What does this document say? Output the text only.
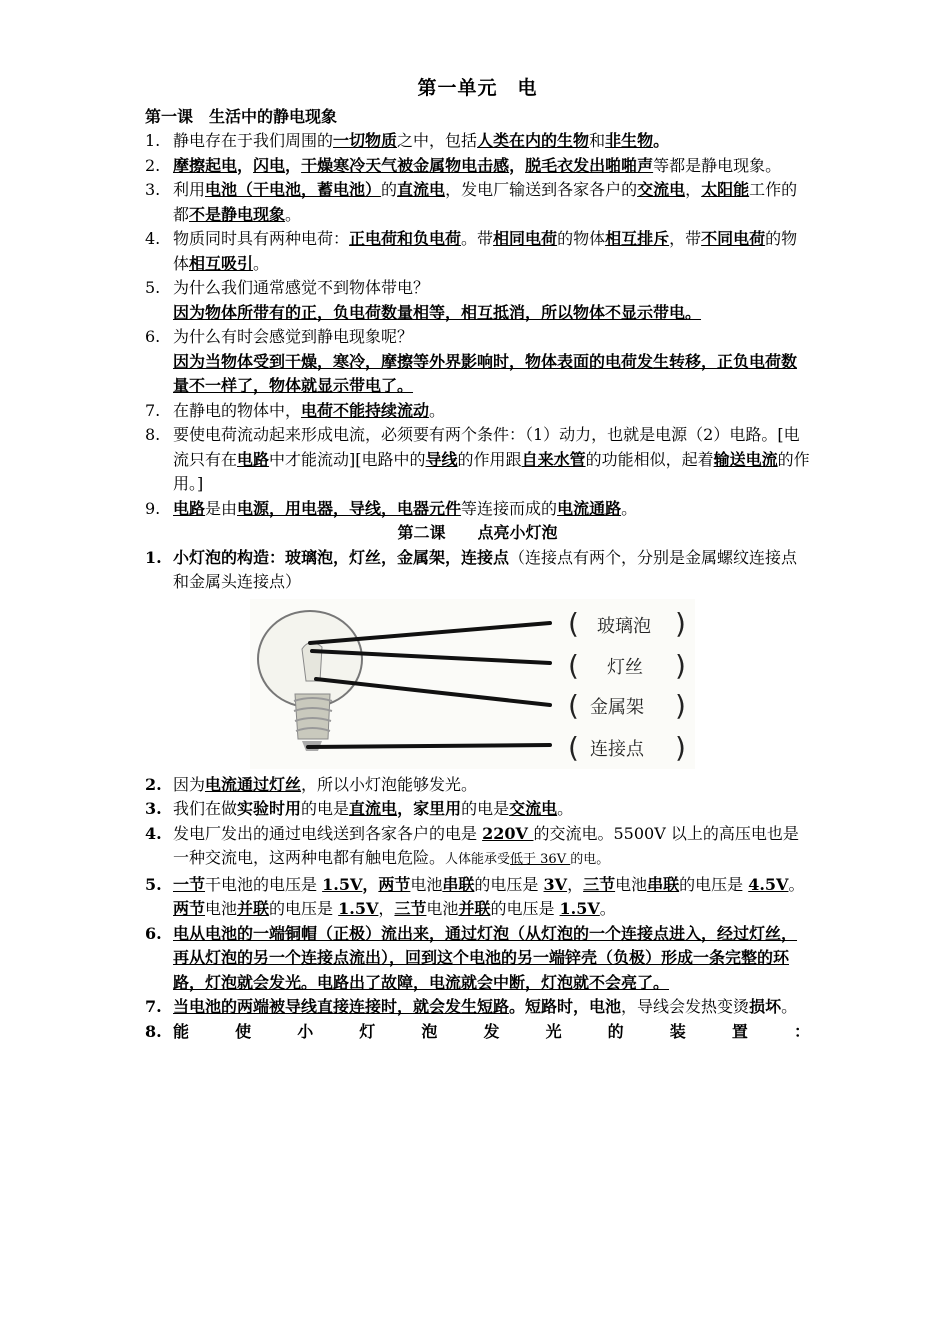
第一单元　电
第一课　生活中的静电现象
1. 静电存在于我们周围的一切物质之中，包括人类在内的生物和非生物。
2. 摩擦起电，闪电，干燥寒冷天气被金属物电击感，脱毛衣发出啪啪声等都是静电现象。
3. 利用电池（干电池，蓄电池）的直流电，发电厂输送到各家各户的交流电，太阳能工作的都不是静电现象。
4. 物质同时具有两种电荷：正电荷和负电荷。带相同电荷的物体相互排斥，带不同电荷的物体相互吸引。
5. 为什么我们通常感觉不到物体带电？
因为物体所带有的正，负电荷数量相等，相互抵消，所以物体不显示带电。
6. 为什么有时会感觉到静电现象呢？
因为当物体受到干燥，寒冷，摩擦等外界影响时，物体表面的电荷发生转移，正负电荷数量不一样了，物体就显示带电了。
7. 在静电的物体中，电荷不能持续流动。
8. 要使电荷流动起来形成电流，必须要有两个条件：（1）动力，也就是电源（2）电路。[电流只有在电路中才能流动][电路中的导线的作用跟自来水管的功能相似，起着输送电流的作用。]
9. 电路是由电源，用电器，导线，电器元件等连接而成的电流通路。
第二课　　点亮小灯泡
1. 小灯泡的构造：玻璃泡，灯丝，金属架，连接点（连接点有两个，分别是金属螺纹连接点和金属头连接点）
(	)
(	)
(	)
(	)
玻璃泡
灯丝
金属架
连接点
2. 因为电流通过灯丝，所以小灯泡能够发光。
3. 我们在做实验时用的电是直流电，家里用的电是交流电。
4. 发电厂发出的通过电线送到各家各户的电是 220V 的交流电。5500V 以上的高压电也是一种交流电，这两种电都有触电危险。人体能承受低于 36V 的电。
5. 一节干电池的电压是 1.5V，两节电池串联的电压是 3V，三节电池串联的电压是 4.5V。两节电池并联的电压是 1.5V，三节电池并联的电压是 1.5V。
6. 电从电池的一端铜帽（正极）流出来，通过灯泡（从灯泡的一个连接点进入，经过灯丝，再从灯泡的另一个连接点流出），回到这个电池的另一端锌壳（负极）形成一条完整的环路，灯泡就会发光。电路出了故障，电流就会中断，灯泡就不会亮了。
7. 当电池的两端被导线直接连接时，就会发生短路。短路时，电池，导线会发热变烫损坏。
8. 能	使	小	灯	泡	发	光	的	装	置	：
